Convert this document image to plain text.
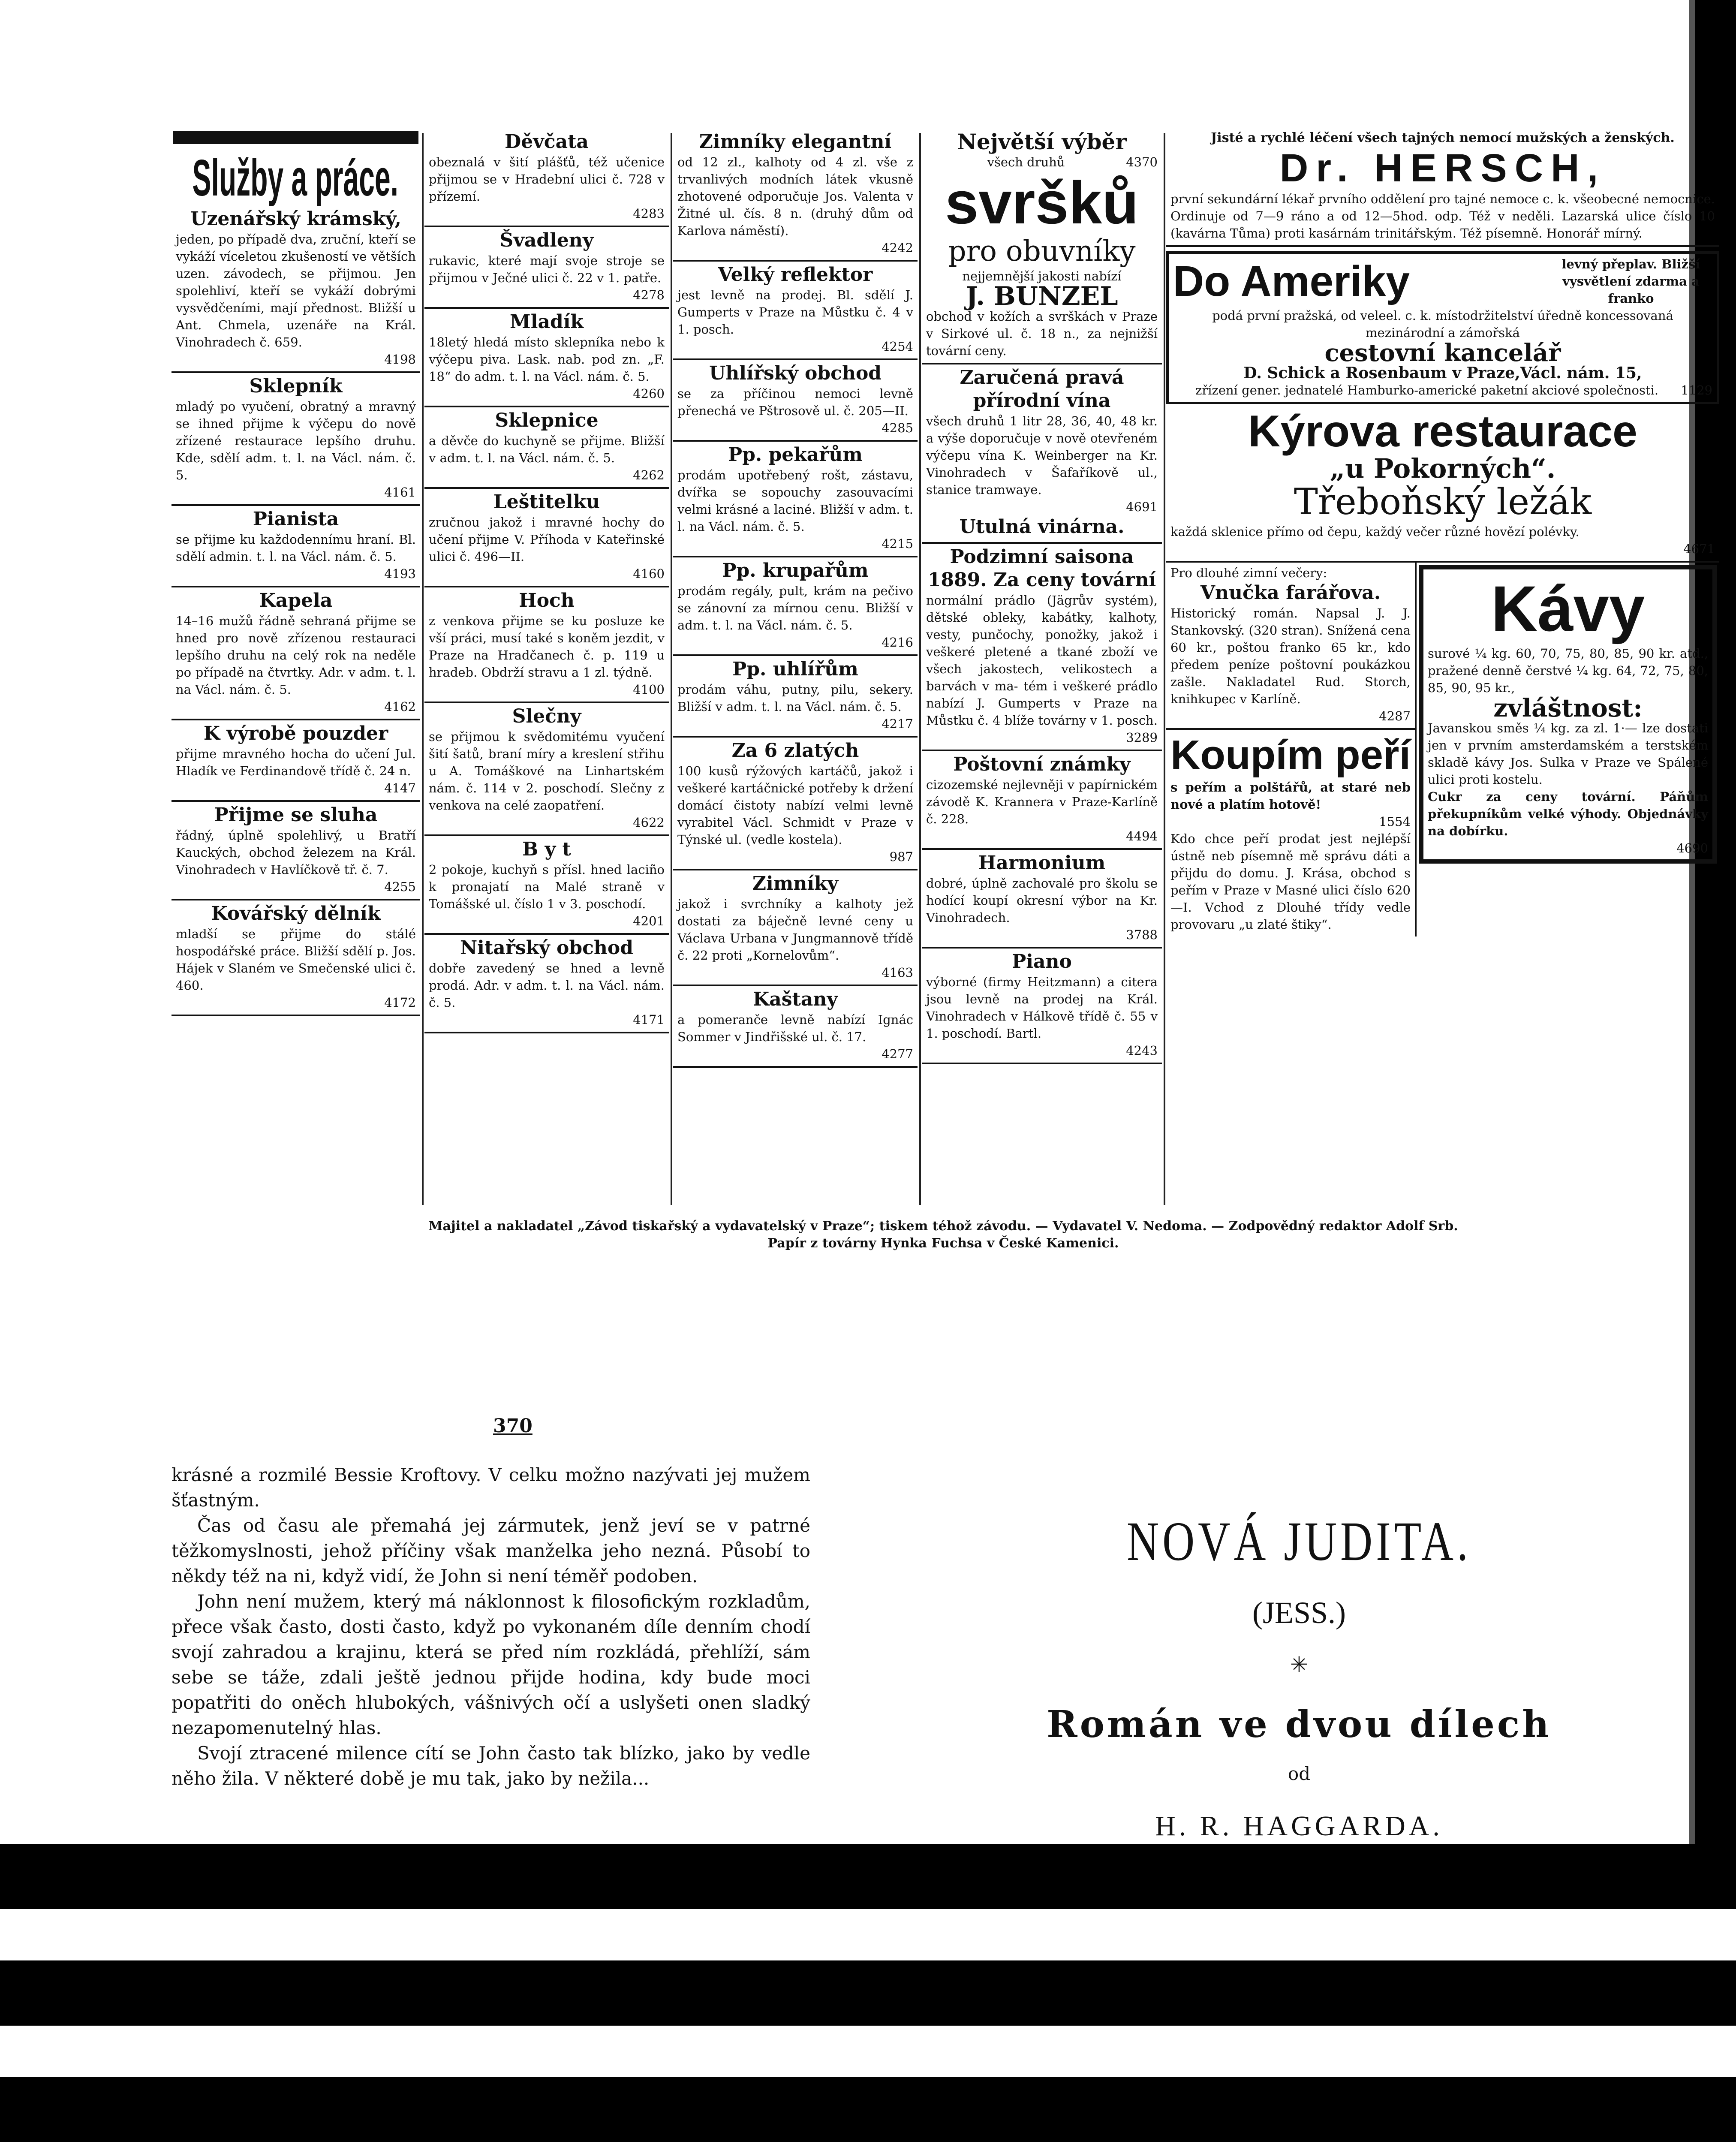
Služby a práce.
Uzenářský krámský,
jeden, po případě dva, zruční, kteří se vykáží víceletou zkušeností ve větších uzen. závodech, se přijmou. Jen spolehliví, kteří se vykáží dobrými vysvědčeními, mají přednost. Bližší u Ant. Chmela, uzenáře na Král. Vinohradech č. 659.
4198
Sklepník
mladý po vyučení, obratný a mravný se ihned přijme k výčepu do nově zřízené restaurace lepšího druhu. Kde, sdělí adm. t. l. na Václ. nám. č. 5.
4161
Pianista
se přijme ku každodennímu hraní. Bl. sdělí admin. t. l. na Václ. nám. č. 5.
4193
Kapela
14–16 mužů řádně sehraná přijme se hned pro nově zřízenou restauraci lepšího druhu na celý rok na neděle po případě na čtvrtky. Adr. v adm. t. l. na Václ. nám. č. 5.
4162
K výrobě pouzder
přijme mravného hocha do učení Jul. Hladík ve Ferdinandově třídě č. 24 n.
4147
Přijme se sluha
řádný, úplně spolehlivý, u Bratří Kauckých, obchod železem na Král. Vinohradech v Havlíčkově tř. č. 7.
4255
Kovářský dělník
mladší se přijme do stálé hospodářské práce. Bližší sdělí p. Jos. Hájek v Slaném ve Smečenské ulici č. 460.
4172
Děvčata
obeznalá v šití plášťů, též učenice přijmou se v Hradební ulici č. 728 v přízemí.
4283
Švadleny
rukavic, které mají svoje stroje se přijmou v Ječné ulici č. 22 v 1. patře.
4278
Mladík
18letý hledá místo sklepníka nebo k výčepu piva. Lask. nab. pod zn. „F. 18“ do adm. t. l. na Václ. nám. č. 5.
4260
Sklepnice
a děvče do kuchyně se přijme. Bližší v adm. t. l. na Václ. nám. č. 5.
4262
Leštitelku
zručnou jakož i mravné hochy do učení přijme V. Příhoda v Kateřinské ulici č. 496—II.
4160
Hoch
z venkova přijme se ku posluze ke vší práci, musí také s koněm jezdit, v Praze na Hradčanech č. p. 119 u hradeb. Obdrží stravu a 1 zl. týdně.
4100
Slečny
se přijmou k svědomitému vyučení šití šatů, braní míry a kreslení střihu u A. Tomáškové na Linhartském nám. č. 114 v 2. poschodí. Slečny z venkova na celé zaopatření.
4622
B y t
2 pokoje, kuchyň s přísl. hned laciño k pronajatí na Malé straně v Tomášské ul. číslo 1 v 3. poschodí.
4201
Nitařský obchod
dobře zavedený se hned a levně prodá. Adr. v adm. t. l. na Václ. nám. č. 5.
4171
Zimníky elegantní
od 12 zl., kalhoty od 4 zl. vše z trvanlivých modních látek vkusně zhotovené odporučuje Jos. Valenta v Žitné ul. čís. 8 n. (druhý dům od Karlova náměstí).
4242
Velký reflektor
jest levně na prodej. Bl. sdělí J. Gumperts v Praze na Můstku č. 4 v 1. posch.
4254
Uhlířský obchod
se za příčinou nemoci levně přenechá ve Pštrosově ul. č. 205—II.
4285
Pp. pekařům
prodám upotřebený rošt, zástavu, dvířka se sopouchy zasouvacími velmi krásné a laciné. Bližší v adm. t. l. na Václ. nám. č. 5.
4215
Pp. krupařům
prodám regály, pult, krám na pečivo se zánovní za mírnou cenu. Bližší v adm. t. l. na Václ. nám. č. 5.
4216
Pp. uhlířům
prodám váhu, putny, pilu, sekery. Bližší v adm. t. l. na Václ. nám. č. 5.
4217
Za 6 zlatých
100 kusů rýžových kartáčů, jakož i veškeré kartáčnické potřeby k držení domácí čistoty nabízí velmi levně vyrabitel Václ. Schmidt v Praze v Týnské ul. (vedle kostela).
987
Zimníky
jakož i svrchníky a kalhoty jež dostati za báječně levné ceny u Václava Urbana v Jungmannově třídě č. 22 proti „Kornelovům“.
4163
Kaštany
a pomeranče levně nabízí Ignác Sommer v Jindřišské ul. č. 17.
4277
Největší výběr
všech druhů	4370
svršků
pro obuvníky
nejjemnější jakosti nabízí
J. BUNZEL
obchod v kožích a svrškách v Praze v Sirkové ul. č. 18 n., za nejnižší tovární ceny.
Zaručená pravá přírodní vína
všech druhů 1 litr 28, 36, 40, 48 kr. a výše doporučuje v nově otevřeném výčepu vína K. Weinberger na Kr. Vinohradech v Šafaříkově ul., stanice tramwaye.
4691
Utulná vinárna.
Podzimní saisona 1889. Za ceny tovární
normální prádlo (Jägrův systém), dětské obleky, kabátky, kalhoty, vesty, punčochy, ponožky, jakož i veškeré pletené a tkané zboží ve všech jakostech, velikostech a barvách v ma- tém i veškeré prádlo nabízí J. Gumperts v Praze na Můstku č. 4 blíže továrny v 1. posch.
3289
Poštovní známky
cizozemské nejlevněji v papírnickém závodě K. Krannera v Praze-Karlíně č. 228.
4494
Harmonium
dobré, úplně zachovalé pro školu se hodící koupí okresní výbor na Kr. Vinohradech.
3788
Piano
výborné (firmy Heitzmann) a citera jsou levně na prodej na Král. Vinohradech v Hálkově třídě č. 55 v 1. poschodí. Bartl.
4243
Jisté a rychlé léčení všech tajných nemocí mužských a ženských.
Dr. HERSCH,
první sekundární lékař prvního oddělení pro tajné nemoce c. k. všeobecné nemocnice. Ordinuje od 7—9 ráno a od 12—5hod. odp. Též v neděli. Lazarská ulice číslo 10 (kavárna Tůma) proti kasárnám trinitářským. Též písemně. Honorář mírný.
Do Ameriky	levný přeplav. Bližší vysvětlení zdarma a franko
podá první pražská, od veleel. c. k. místodržitelství úředně koncessovaná mezinárodní a zámořská
cestovní kancelář
D. Schick a Rosenbaum v Praze,Václ. nám. 15,
zřízení gener. jednatelé Hamburko-americké paketní akciové společnosti.	1129
Kýrova restaurace
„u Pokorných“.
Třeboňský ležák
každá sklenice přímo od čepu, každý večer různé hovězí polévky.
4671
Pro dlouhé zimní večery:
Vnučka farářova.
Historický román. Napsal J. J. Stankovský. (320 stran). Snížená cena 60 kr., poštou franko 65 kr., kdo předem peníze poštovní poukázkou zašle. Nakladatel Rud. Storch, knihkupec v Karlíně.
4287
Koupím peří
s peřím a polštářů, at staré neb nové a platím hotově!
1554
Kdo chce peří prodat jest nejlépší ústně neb písemně mě správu dáti a přijdu do domu. J. Krása, obchod s peřím v Praze v Masné ulici číslo 620—I. Vchod z Dlouhé třídy vedle provovaru „u zlaté štiky“.
Kávy
surové ¼ kg. 60, 70, 75, 80, 85, 90 kr. atd., pražené denně čerstvé ¼ kg. 64, 72, 75, 80, 85, 90, 95 kr.,
zvláštnost:
Javanskou směs ¼ kg. za zl. 1·— lze dostati jen v prvním amsterdamském a terstském skladě kávy Jos. Sulka v Praze ve Spálené ulici proti kostelu.
Cukr za ceny tovární. Páňům překupníkům velké výhody. Objednávky na dobírku.
4690
Majitel a nakladatel „Závod tiskařský a vydavatelský v Praze“; tiskem téhož závodu. — Vydavatel V. Nedoma. — Zodpovědný redaktor Adolf Srb.
Papír z továrny Hynka Fuchsa v České Kamenici.
370

krásné a rozmilé Bessie Kroftovy. V celku možno nazývati jej mužem šťastným.

Čas od času ale přemahá jej zármutek, jenž jeví se v patrné těžkomyslnosti, jehož příčiny však manželka jeho nezná. Působí to někdy též na ni, když vidí, že John si není téměř podoben.

John není mužem, který má náklonnost k filosofickým rozkladům, přece však často, dosti často, když po vykonaném díle denním chodí svojí zahradou a krajinu, která se před ním rozkládá, přehlíží, sám sebe se táže, zdali ještě jednou přijde hodina, kdy bude moci popatřiti do oněch hlubokých, vášnivých očí a uslyšeti onen sladký nezapomenutelný hlas.

Svojí ztracené milence cítí se John často tak blízko, jako by vedle něho žila. V některé době je mu tak, jako by nežila...

NOVÁ JUDITA.
(JESS.)
✳
Román ve dvou dílech
od
H. R. HAGGARDA.
